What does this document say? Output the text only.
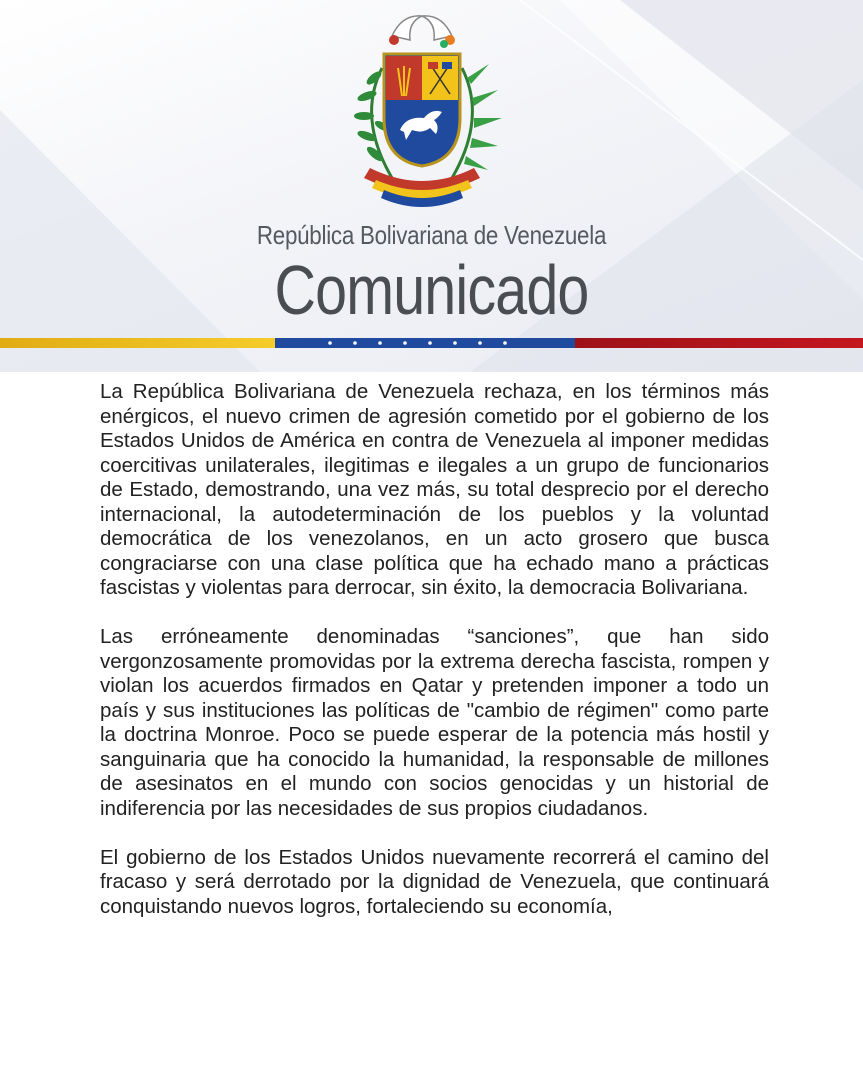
República Bolivariana de Venezuela
Comunicado

La República Bolivariana de Venezuela rechaza, en los términos más enérgicos, el nuevo crimen de agresión cometido por el gobierno de los Estados Unidos de América en contra de Venezuela al imponer medidas coercitivas unilaterales, ilegitimas e ilegales a un grupo de funcionarios de Estado, demostrando, una vez más, su total desprecio por el derecho internacional, la autodeterminación de los pueblos y la voluntad democrática de los venezolanos, en un acto grosero que busca congraciarse con una clase política que ha echado mano a prácticas fascistas y violentas para derrocar, sin éxito, la democracia Bolivariana.

Las erróneamente denominadas “sanciones”, que han sido vergonzosamente promovidas por la extrema derecha fascista, rompen y violan los acuerdos firmados en Qatar y pretenden imponer a todo un país y sus instituciones las políticas de "cambio de régimen" como parte la doctrina Monroe. Poco se puede esperar de la potencia más hostil y sanguinaria que ha conocido la humanidad, la responsable de millones de asesinatos en el mundo con socios genocidas y un historial de indiferencia por las necesidades de sus propios ciudadanos.

El gobierno de los Estados Unidos nuevamente recorrerá el camino del fracaso y será derrotado por la dignidad de Venezuela, que continuará conquistando nuevos logros, fortaleciendo su economía,
